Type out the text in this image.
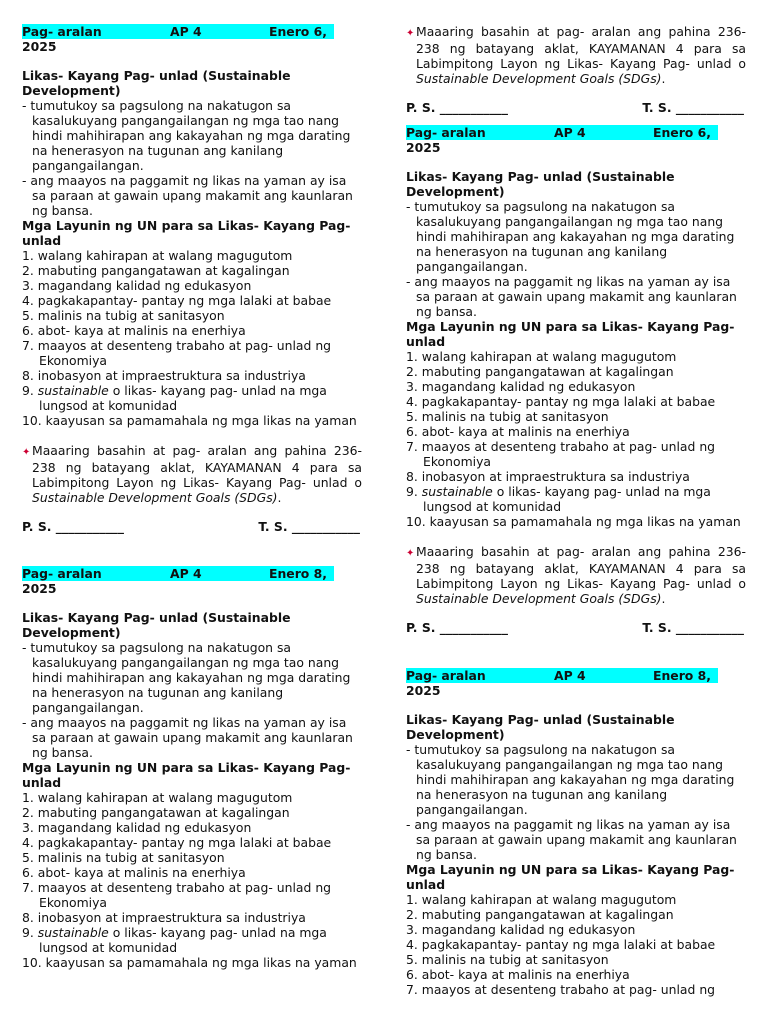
Pag- aralan	AP 4	Enero 6,
2025

Likas- Kayang Pag- unlad (Sustainable Development)

- tumutukoy sa pagsulong na nakatugon sa kasalukuyang pangangailangan ng mga tao nang hindi mahihirapan ang kakayahan ng mga darating na henerasyon na tugunan ang kanilang pangangailangan.

- ang maayos na paggamit ng likas na yaman ay isa sa paraan at gawain upang makamit ang kaunlaran ng bansa.

Mga Layunin ng UN para sa Likas- Kayang Pag- unlad

1. walang kahirapan at walang magugutom
2. mabuting pangangatawan at kagalingan
3. magandang kalidad ng edukasyon
4. pagkakapantay- pantay ng mga lalaki at babae
5. malinis na tubig at sanitasyon
6. abot- kaya at malinis na enerhiya
7. maayos at desenteng trabaho at pag- unlad ng Ekonomiya
8. inobasyon at impraestruktura sa industriya
9. sustainable o likas- kayang pag- unlad na mga lungsod at komunidad
10. kaayusan sa pamamahala ng mga likas na yaman

✦ Maaaring basahin at pag- aralan ang pahina 236-238 ng batayang aklat, KAYAMANAN 4 para sa Labimpitong Layon ng Likas- Kayang Pag- unlad o Sustainable Development Goals (SDGs).

P. S. ___________	T. S. ___________

Pag- aralan	AP 4	Enero 8,
2025

Likas- Kayang Pag- unlad (Sustainable Development)

- tumutukoy sa pagsulong na nakatugon sa kasalukuyang pangangailangan ng mga tao nang hindi mahihirapan ang kakayahan ng mga darating na henerasyon na tugunan ang kanilang pangangailangan.

- ang maayos na paggamit ng likas na yaman ay isa sa paraan at gawain upang makamit ang kaunlaran ng bansa.

Mga Layunin ng UN para sa Likas- Kayang Pag- unlad

1. walang kahirapan at walang magugutom
2. mabuting pangangatawan at kagalingan
3. magandang kalidad ng edukasyon
4. pagkakapantay- pantay ng mga lalaki at babae
5. malinis na tubig at sanitasyon
6. abot- kaya at malinis na enerhiya
7. maayos at desenteng trabaho at pag- unlad ng Ekonomiya
8. inobasyon at impraestruktura sa industriya
9. sustainable o likas- kayang pag- unlad na mga lungsod at komunidad
10. kaayusan sa pamamahala ng mga likas na yaman

✦ Maaaring basahin at pag- aralan ang pahina 236-238 ng batayang aklat, KAYAMANAN 4 para sa Labimpitong Layon ng Likas- Kayang Pag- unlad o Sustainable Development Goals (SDGs).

P. S. ___________	T. S. ___________

Pag- aralan	AP 4	Enero 6,
2025

Likas- Kayang Pag- unlad (Sustainable Development)

- tumutukoy sa pagsulong na nakatugon sa kasalukuyang pangangailangan ng mga tao nang hindi mahihirapan ang kakayahan ng mga darating na henerasyon na tugunan ang kanilang pangangailangan.

- ang maayos na paggamit ng likas na yaman ay isa sa paraan at gawain upang makamit ang kaunlaran ng bansa.

Mga Layunin ng UN para sa Likas- Kayang Pag- unlad

1. walang kahirapan at walang magugutom
2. mabuting pangangatawan at kagalingan
3. magandang kalidad ng edukasyon
4. pagkakapantay- pantay ng mga lalaki at babae
5. malinis na tubig at sanitasyon
6. abot- kaya at malinis na enerhiya
7. maayos at desenteng trabaho at pag- unlad ng Ekonomiya
8. inobasyon at impraestruktura sa industriya
9. sustainable o likas- kayang pag- unlad na mga lungsod at komunidad
10. kaayusan sa pamamahala ng mga likas na yaman

✦ Maaaring basahin at pag- aralan ang pahina 236-238 ng batayang aklat, KAYAMANAN 4 para sa Labimpitong Layon ng Likas- Kayang Pag- unlad o Sustainable Development Goals (SDGs).

P. S. ___________	T. S. ___________

Pag- aralan	AP 4	Enero 8,
2025

Likas- Kayang Pag- unlad (Sustainable Development)

- tumutukoy sa pagsulong na nakatugon sa kasalukuyang pangangailangan ng mga tao nang hindi mahihirapan ang kakayahan ng mga darating na henerasyon na tugunan ang kanilang pangangailangan.

- ang maayos na paggamit ng likas na yaman ay isa sa paraan at gawain upang makamit ang kaunlaran ng bansa.

Mga Layunin ng UN para sa Likas- Kayang Pag- unlad

1. walang kahirapan at walang magugutom
2. mabuting pangangatawan at kagalingan
3. magandang kalidad ng edukasyon
4. pagkakapantay- pantay ng mga lalaki at babae
5. malinis na tubig at sanitasyon
6. abot- kaya at malinis na enerhiya

7. maayos at desenteng trabaho at pag- unlad ng
